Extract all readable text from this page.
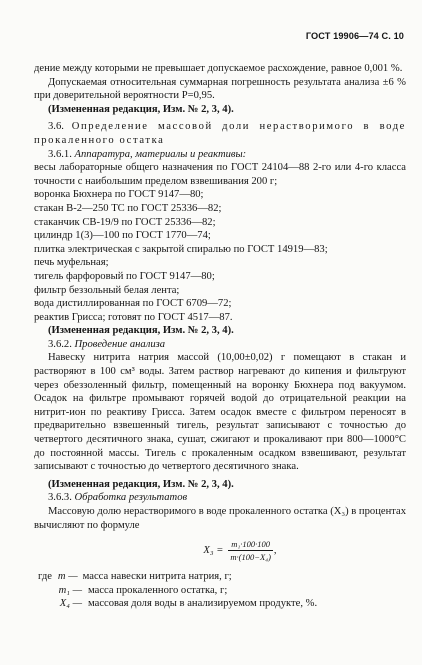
ГОСТ 19906—74 С. 10

дение между которыми не превышает допускаемое расхождение, равное 0,001 %.

Допускаемая относительная суммарная погрешность результата анализа ±6 % при доверительной вероятности P=0,95.

(Измененная редакция, Изм. № 2, 3, 4).

3.6. Определение массовой доли нерастворимого в воде прокаленного остатка

3.6.1. Аппаратура, материалы и реактивы:

весы лабораторные общего назначения по ГОСТ 24104—88 2-го или 4-го класса точности с наибольшим пределом взвешивания 200 г;

воронка Бюхнера по ГОСТ 9147—80;

стакан В-2—250 ТС по ГОСТ 25336—82;

стаканчик СВ-19/9 по ГОСТ 25336—82;

цилиндр 1(3)—100 по ГОСТ 1770—74;

плитка электрическая с закрытой спиралью по ГОСТ 14919—83;

печь муфельная;

тигель фарфоровый по ГОСТ 9147—80;

фильтр беззольный белая лента;

вода дистиллированная по ГОСТ 6709—72;

реактив Грисса; готовят по ГОСТ 4517—87.

(Измененная редакция, Изм. № 2, 3, 4).

3.6.2. Проведение анализа

Навеску нитрита натрия массой (10,00±0,02) г помещают в стакан и растворяют в 100 см³ воды. Затем раствор нагревают до кипения и фильтруют через обеззоленный фильтр, помещенный на воронку Бюхнера под вакуумом. Осадок на фильтре промывают горячей водой до отрицательной реакции на нитрит-ион по реактиву Грисса. Затем осадок вместе с фильтром переносят в предварительно взвешенный тигель, результат записывают с точностью до четвертого десятичного знака, сушат, сжигают и прокаливают при 800—1000°С до постоянной массы. Тигель с прокаленным осадком взвешивают, результат записывают с точностью до четвертого десятичного знака.

(Измененная редакция, Изм. № 2, 3, 4).

3.6.3. Обработка результатов

Массовую долю нерастворимого в воде прокаленного остатка (X₃) в процентах вычисляют по формуле

$X_3 = \frac{\text{m₁·100·100}}{\text{m·(100−X₄)}}$ ,
где m — масса навески нитрита натрия, г;
m₁ — масса прокаленного остатка, г;
X₄ — массовая доля воды в анализируемом продукте, %.
